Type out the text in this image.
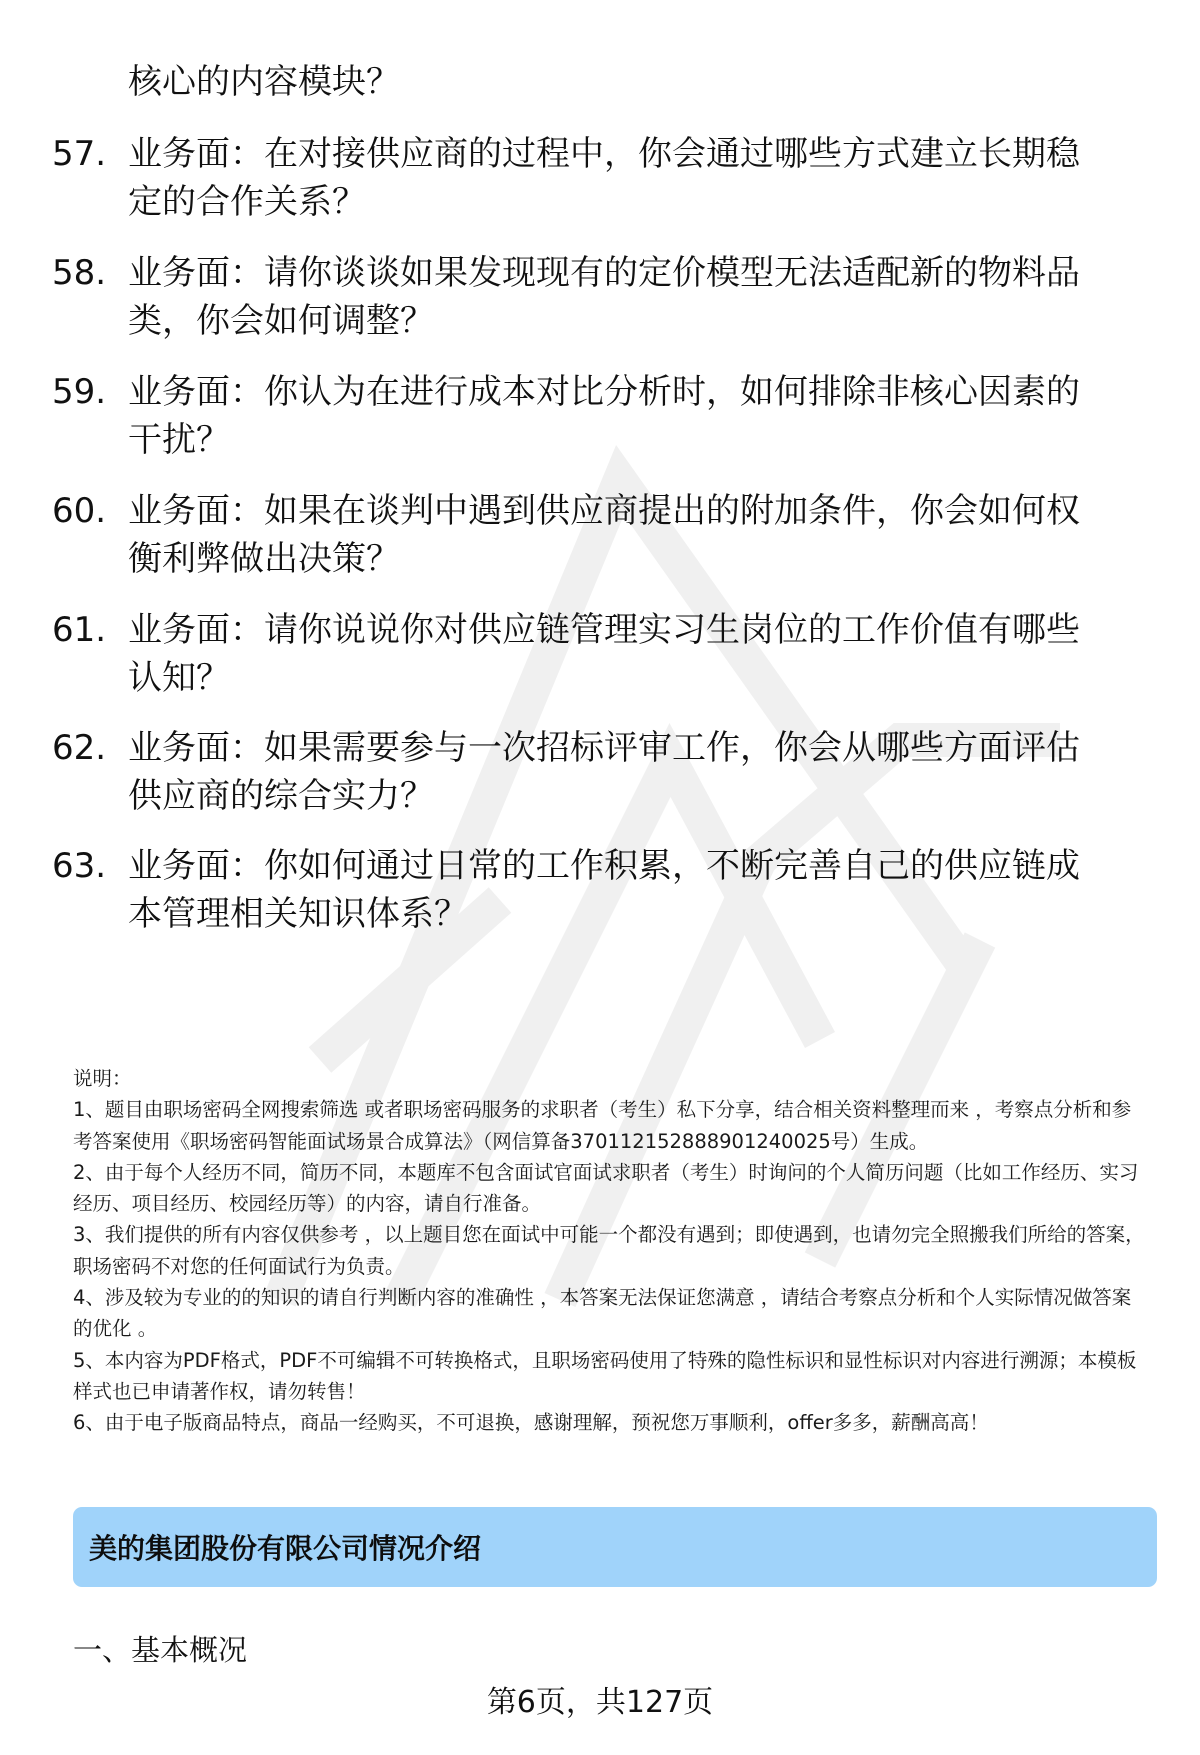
核心的内容模块？
57. 业务面：在对接供应商的过程中，你会通过哪些方式建立长期稳
定的合作关系？
58. 业务面：请你谈谈如果发现现有的定价模型无法适配新的物料品
类，你会如何调整？
59. 业务面：你认为在进行成本对比分析时，如何排除非核心因素的
干扰？
60. 业务面：如果在谈判中遇到供应商提出的附加条件，你会如何权
衡利弊做出决策？
61. 业务面：请你说说你对供应链管理实习生岗位的工作价值有哪些
认知？
62. 业务面：如果需要参与一次招标评审工作，你会从哪些方面评估
供应商的综合实力？
63. 业务面：你如何通过日常的工作积累，不断完善自己的供应链成
本管理相关知识体系？

说明：

1、题目由职场密码全网搜索筛选 或者职场密码服务的求职者（考生）私下分享，结合相关资料整理而来 ，考察点分析和参考答案使用《职场密码智能面试场景合成算法》（网信算备370112152888901240025号）生成。

2、由于每个人经历不同，简历不同，本题库不包含面试官面试求职者（考生）时询问的个人简历问题（比如工作经历、实习经历、项目经历、校园经历等）的内容，请自行准备。

3、我们提供的所有内容仅供参考 ，以上题目您在面试中可能一个都没有遇到；即使遇到，也请勿完全照搬我们所给的答案，职场密码不对您的任何面试行为负责。

4、涉及较为专业的的知识的请自行判断内容的准确性 ，本答案无法保证您满意 ，请结合考察点分析和个人实际情况做答案的优化 。

5、本内容为PDF格式，PDF不可编辑不可转换格式，且职场密码使用了特殊的隐性标识和显性标识对内容进行溯源；本模板样式也已申请著作权，请勿转售！

6、由于电子版商品特点，商品一经购买，不可退换，感谢理解，预祝您万事顺利，offer多多，薪酬高高！

美的集团股份有限公司情况介绍
一、基本概况
第6页，共127页
